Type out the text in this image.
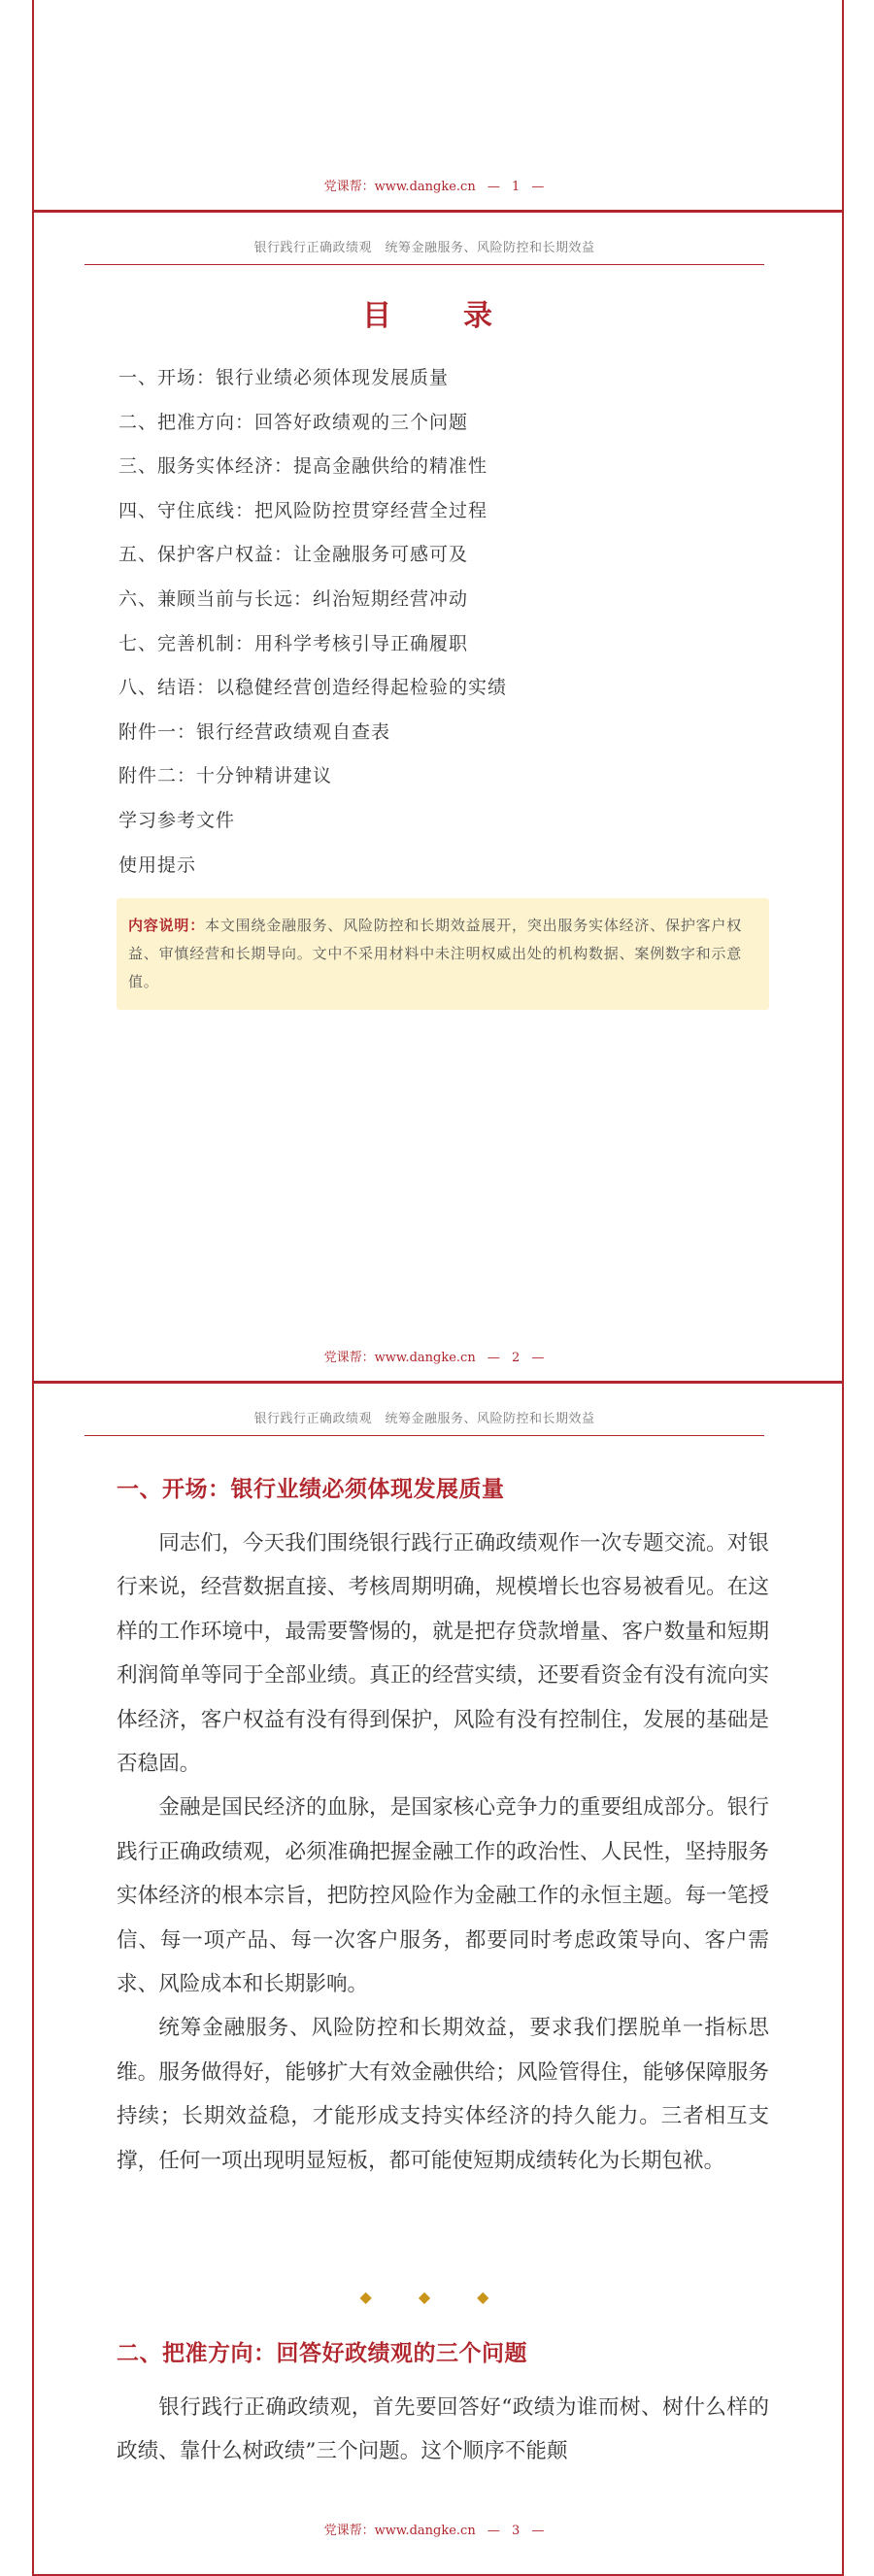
党课帮：www.dangke.cn — 1 —
银行践行正确政绩观　统筹金融服务、风险防控和长期效益
目　录
一、开场：银行业绩必须体现发展质量
二、把准方向：回答好政绩观的三个问题
三、服务实体经济：提高金融供给的精准性
四、守住底线：把风险防控贯穿经营全过程
五、保护客户权益：让金融服务可感可及
六、兼顾当前与长远：纠治短期经营冲动
七、完善机制：用科学考核引导正确履职
八、结语：以稳健经营创造经得起检验的实绩
附件一：银行经营政绩观自查表
附件二：十分钟精讲建议
学习参考文件
使用提示
内容说明：本文围绕金融服务、风险防控和长期效益展开，突出服务实体经济、保护客户权益、审慎经营和长期导向。文中不采用材料中未注明权威出处的机构数据、案例数字和示意值。
党课帮：www.dangke.cn — 2 —
银行践行正确政绩观　统筹金融服务、风险防控和长期效益
一、开场：银行业绩必须体现发展质量

同志们，今天我们围绕银行践行正确政绩观作一次专题交流。对银行来说，经营数据直接、考核周期明确，规模增长也容易被看见。在这样的工作环境中，最需要警惕的，就是把存贷款增量、客户数量和短期利润简单等同于全部业绩。真正的经营实绩，还要看资金有没有流向实体经济，客户权益有没有得到保护，风险有没有控制住，发展的基础是否稳固。

金融是国民经济的血脉，是国家核心竞争力的重要组成部分。银行践行正确政绩观，必须准确把握金融工作的政治性、人民性，坚持服务实体经济的根本宗旨，把防控风险作为金融工作的永恒主题。每一笔授信、每一项产品、每一次客户服务，都要同时考虑政策导向、客户需求、风险成本和长期影响。

统筹金融服务、风险防控和长期效益，要求我们摆脱单一指标思维。服务做得好，能够扩大有效金融供给；风险管得住，能够保障服务持续；长期效益稳，才能形成支持实体经济的持久能力。三者相互支撑，任何一项出现明显短板，都可能使短期成绩转化为长期包袱。

◆ ◆ ◆
二、把准方向：回答好政绩观的三个问题

银行践行正确政绩观，首先要回答好“政绩为谁而树、树什么样的政绩、靠什么树政绩”三个问题。这个顺序不能颠

党课帮：www.dangke.cn — 3 —
